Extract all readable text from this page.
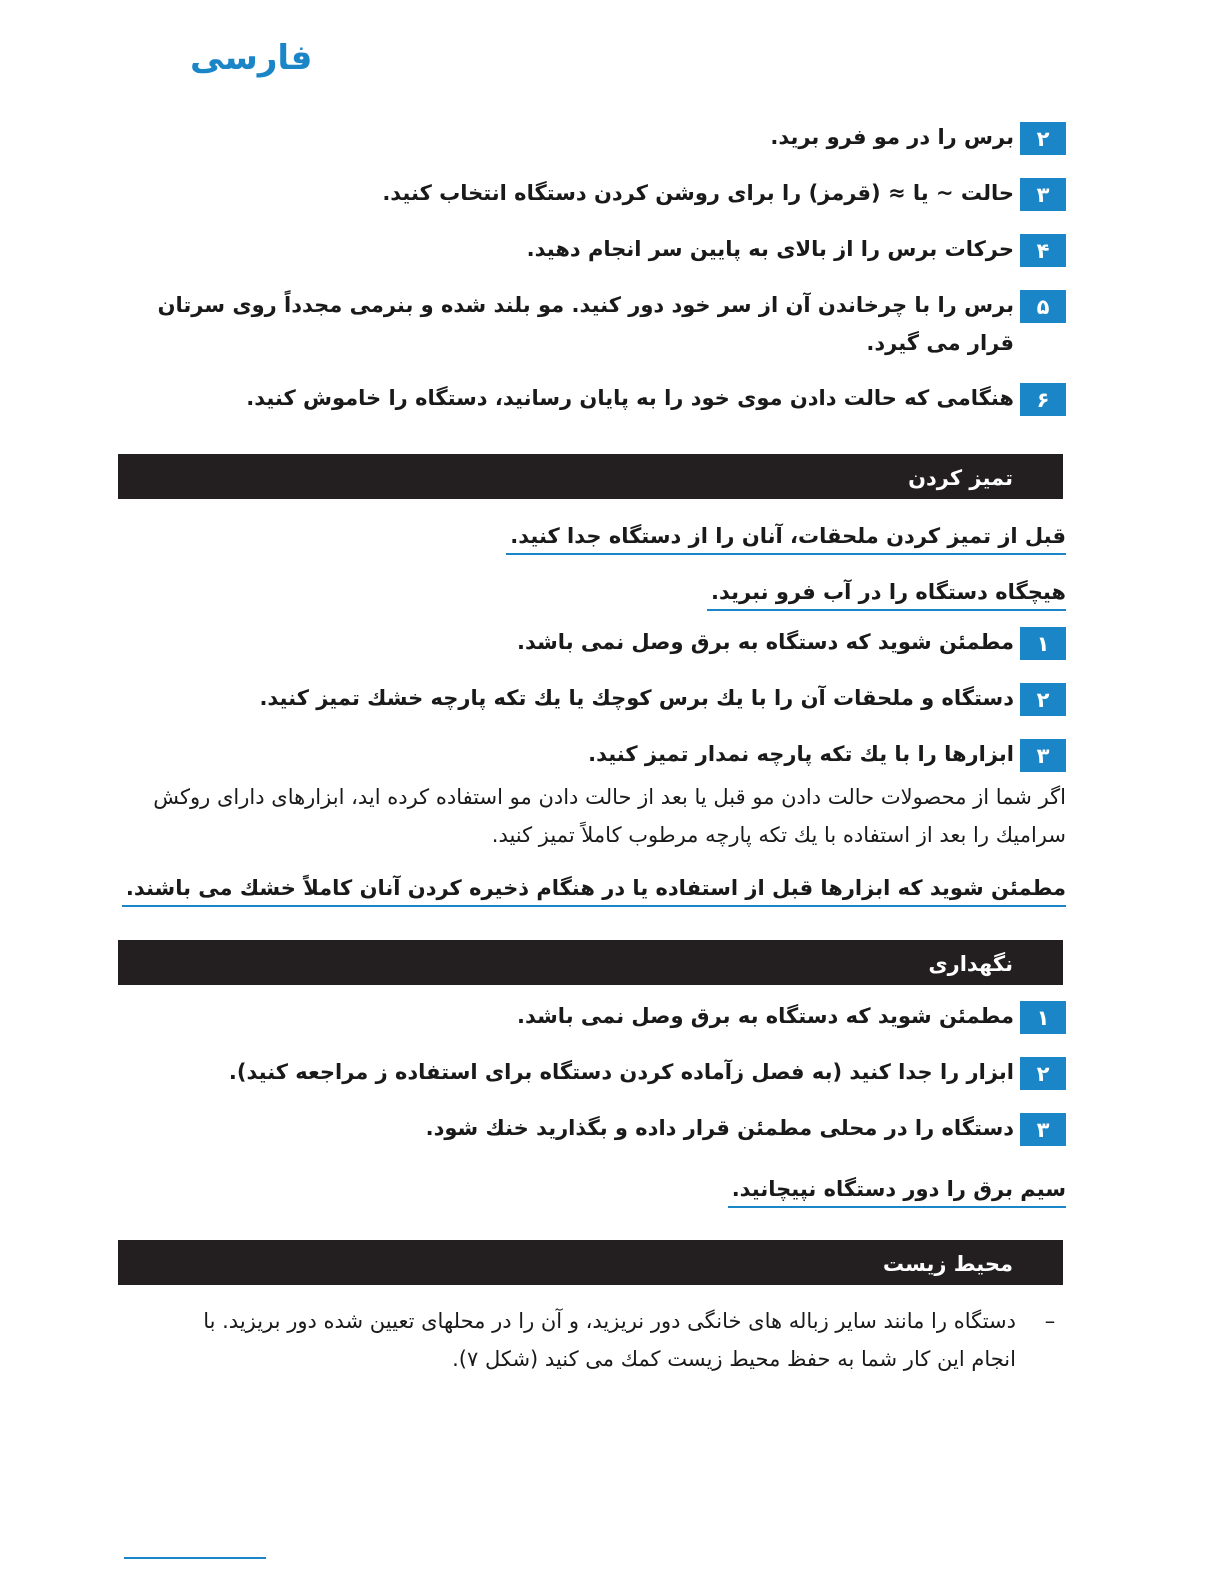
فارسی
۲
برس را در مو فرو برید.
۳
حالت ~ یا ≈ (قرمز) را برای روشن کردن دستگاه انتخاب کنید.
۴
حرکات برس را از بالای به پایین سر انجام دهید.
۵
برس را با چرخاندن آن از سر خود دور کنید. مو بلند شده و بنرمی مجدداً روی سرتان قرار می گیرد.
۶
هنگامی که حالت دادن موی خود را به پایان رسانید، دستگاه را خاموش کنید.
تمیز کردن
قبل از تمیز کردن ملحقات، آنان را از دستگاه جدا کنید.
هیچگاه دستگاه را در آب فرو نبرید.
۱
مطمئن شوید که دستگاه به برق وصل نمی باشد.
۲
دستگاه و ملحقات آن را با یك برس کوچك یا یك تکه پارچه خشك تمیز کنید.
۳
ابزارها را با یك تکه پارچه نمدار تمیز کنید.
اگر شما از محصولات حالت دادن مو قبل یا بعد از حالت دادن مو استفاده کرده اید، ابزارهای دارای روکش سرامیك را بعد از استفاده با یك تکه پارچه مرطوب کاملاً تمیز کنید.
مطمئن شوید که ابزارها قبل از استفاده یا در هنگام ذخیره کردن آنان کاملاً خشك می باشند.
نگهداری
۱
مطمئن شوید که دستگاه به برق وصل نمی باشد.
۲
ابزار را جدا کنید (به فصل زآماده کردن دستگاه برای استفاده ز مراجعه کنید).
۳
دستگاه را در محلی مطمئن قرار داده و بگذارید خنك شود.
سیم برق را دور دستگاه نپیچانید.
محیط زیست
–
دستگاه را مانند سایر زباله های خانگی دور نریزید، و آن را در محلهای تعیین شده دور بریزید. با انجام این کار شما به حفظ محیط زیست کمك می کنید (شکل ۷).
